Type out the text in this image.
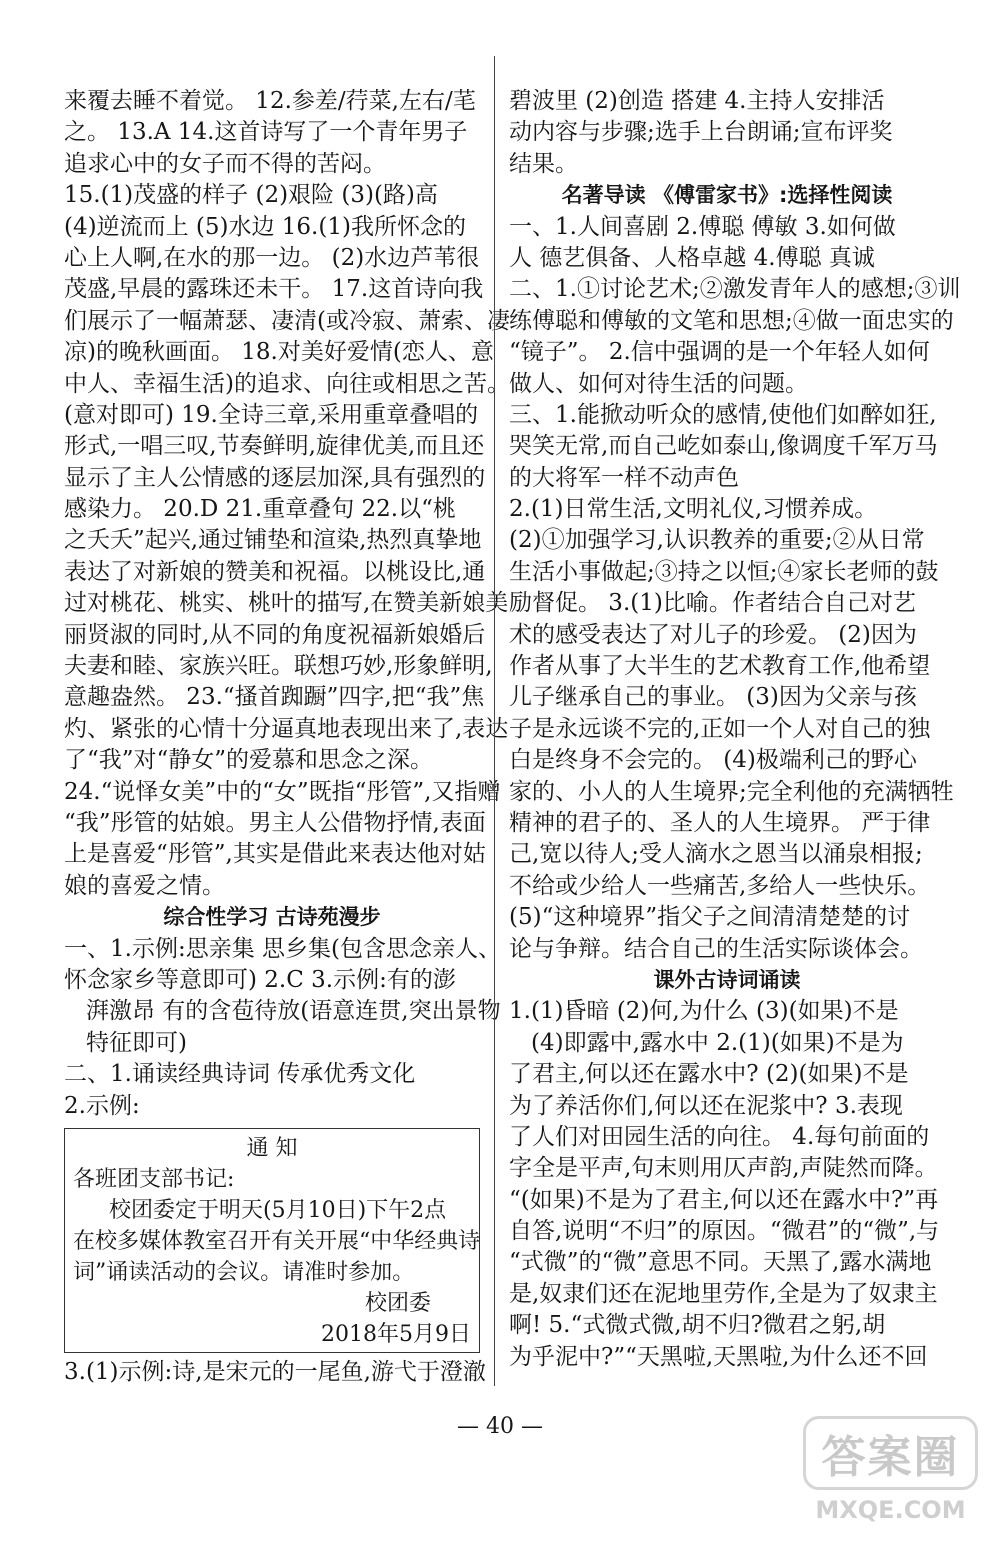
来覆去睡不着觉。 12.参差/荇菜,左右/芼
之。 13.A 14.这首诗写了一个青年男子
追求心中的女子而不得的苦闷。
15.(1)茂盛的样子 (2)艰险 (3)(路)高
(4)逆流而上 (5)水边 16.(1)我所怀念的
心上人啊,在水的那一边。 (2)水边芦苇很
茂盛,早晨的露珠还未干。 17.这首诗向我
们展示了一幅萧瑟、凄清(或冷寂、萧索、凄
凉)的晚秋画面。 18.对美好爱情(恋人、意
中人、幸福生活)的追求、向往或相思之苦。
(意对即可) 19.全诗三章,采用重章叠唱的
形式,一唱三叹,节奏鲜明,旋律优美,而且还
显示了主人公情感的逐层加深,具有强烈的
感染力。 20.D 21.重章叠句 22.以“桃
之夭夭”起兴,通过铺垫和渲染,热烈真挚地
表达了对新娘的赞美和祝福。以桃设比,通
过对桃花、桃实、桃叶的描写,在赞美新娘美
丽贤淑的同时,从不同的角度祝福新娘婚后
夫妻和睦、家族兴旺。联想巧妙,形象鲜明,
意趣盎然。 23.“搔首踟蹰”四字,把“我”焦
灼、紧张的心情十分逼真地表现出来了,表达
了“我”对“静女”的爱慕和思念之深。
24.“说怿女美”中的“女”既指“彤管”,又指赠
“我”彤管的姑娘。男主人公借物抒情,表面
上是喜爱“彤管”,其实是借此来表达他对姑
娘的喜爱之情。
综合性学习 古诗苑漫步
一、1.示例:思亲集 思乡集(包含思念亲人、
怀念家乡等意即可) 2.C 3.示例:有的澎
湃激昂 有的含苞待放(语意连贯,突出景物
特征即可)
二、1.诵读经典诗词 传承优秀文化
2.示例:
通 知
各班团支部书记:
校团委定于明天(5月10日)下午2点
在校多媒体教室召开有关开展“中华经典诗
词”诵读活动的会议。请准时参加。
校团委
2018年5月9日
3.(1)示例:诗,是宋元的一尾鱼,游弋于澄澈
碧波里 (2)创造 搭建 4.主持人安排活
动内容与步骤;选手上台朗诵;宣布评奖
结果。
名著导读 《傅雷家书》:选择性阅读
一、1.人间喜剧 2.傅聪 傅敏 3.如何做
人 德艺俱备、人格卓越 4.傅聪 真诚
二、1.①讨论艺术;②激发青年人的感想;③训
练傅聪和傅敏的文笔和思想;④做一面忠实的
“镜子”。 2.信中强调的是一个年轻人如何
做人、如何对待生活的问题。
三、1.能掀动听众的感情,使他们如醉如狂,
哭笑无常,而自己屹如泰山,像调度千军万马
的大将军一样不动声色
2.(1)日常生活,文明礼仪,习惯养成。
(2)①加强学习,认识教养的重要;②从日常
生活小事做起;③持之以恒;④家长老师的鼓
励督促。 3.(1)比喻。作者结合自己对艺
术的感受表达了对儿子的珍爱。 (2)因为
作者从事了大半生的艺术教育工作,他希望
儿子继承自己的事业。 (3)因为父亲与孩
子是永远谈不完的,正如一个人对自己的独
白是终身不会完的。 (4)极端利己的野心
家的、小人的人生境界;完全利他的充满牺牲
精神的君子的、圣人的人生境界。 严于律
己,宽以待人;受人滴水之恩当以涌泉相报;
不给或少给人一些痛苦,多给人一些快乐。
(5)“这种境界”指父子之间清清楚楚的讨
论与争辩。结合自己的生活实际谈体会。
课外古诗词诵读
1.(1)昏暗 (2)何,为什么 (3)(如果)不是
(4)即露中,露水中 2.(1)(如果)不是为
了君主,何以还在露水中? (2)(如果)不是
为了养活你们,何以还在泥浆中? 3.表现
了人们对田园生活的向往。 4.每句前面的
字全是平声,句末则用仄声韵,声陡然而降。
“(如果)不是为了君主,何以还在露水中?”再
自答,说明“不归”的原因。“微君”的“微”,与
“式微”的“微”意思不同。天黑了,露水满地
是,奴隶们还在泥地里劳作,全是为了奴隶主
啊! 5.“式微式微,胡不归?微君之躬,胡
为乎泥中?”“天黑啦,天黑啦,为什么还不回
— 40 —
答案圈
MXQE.COM
